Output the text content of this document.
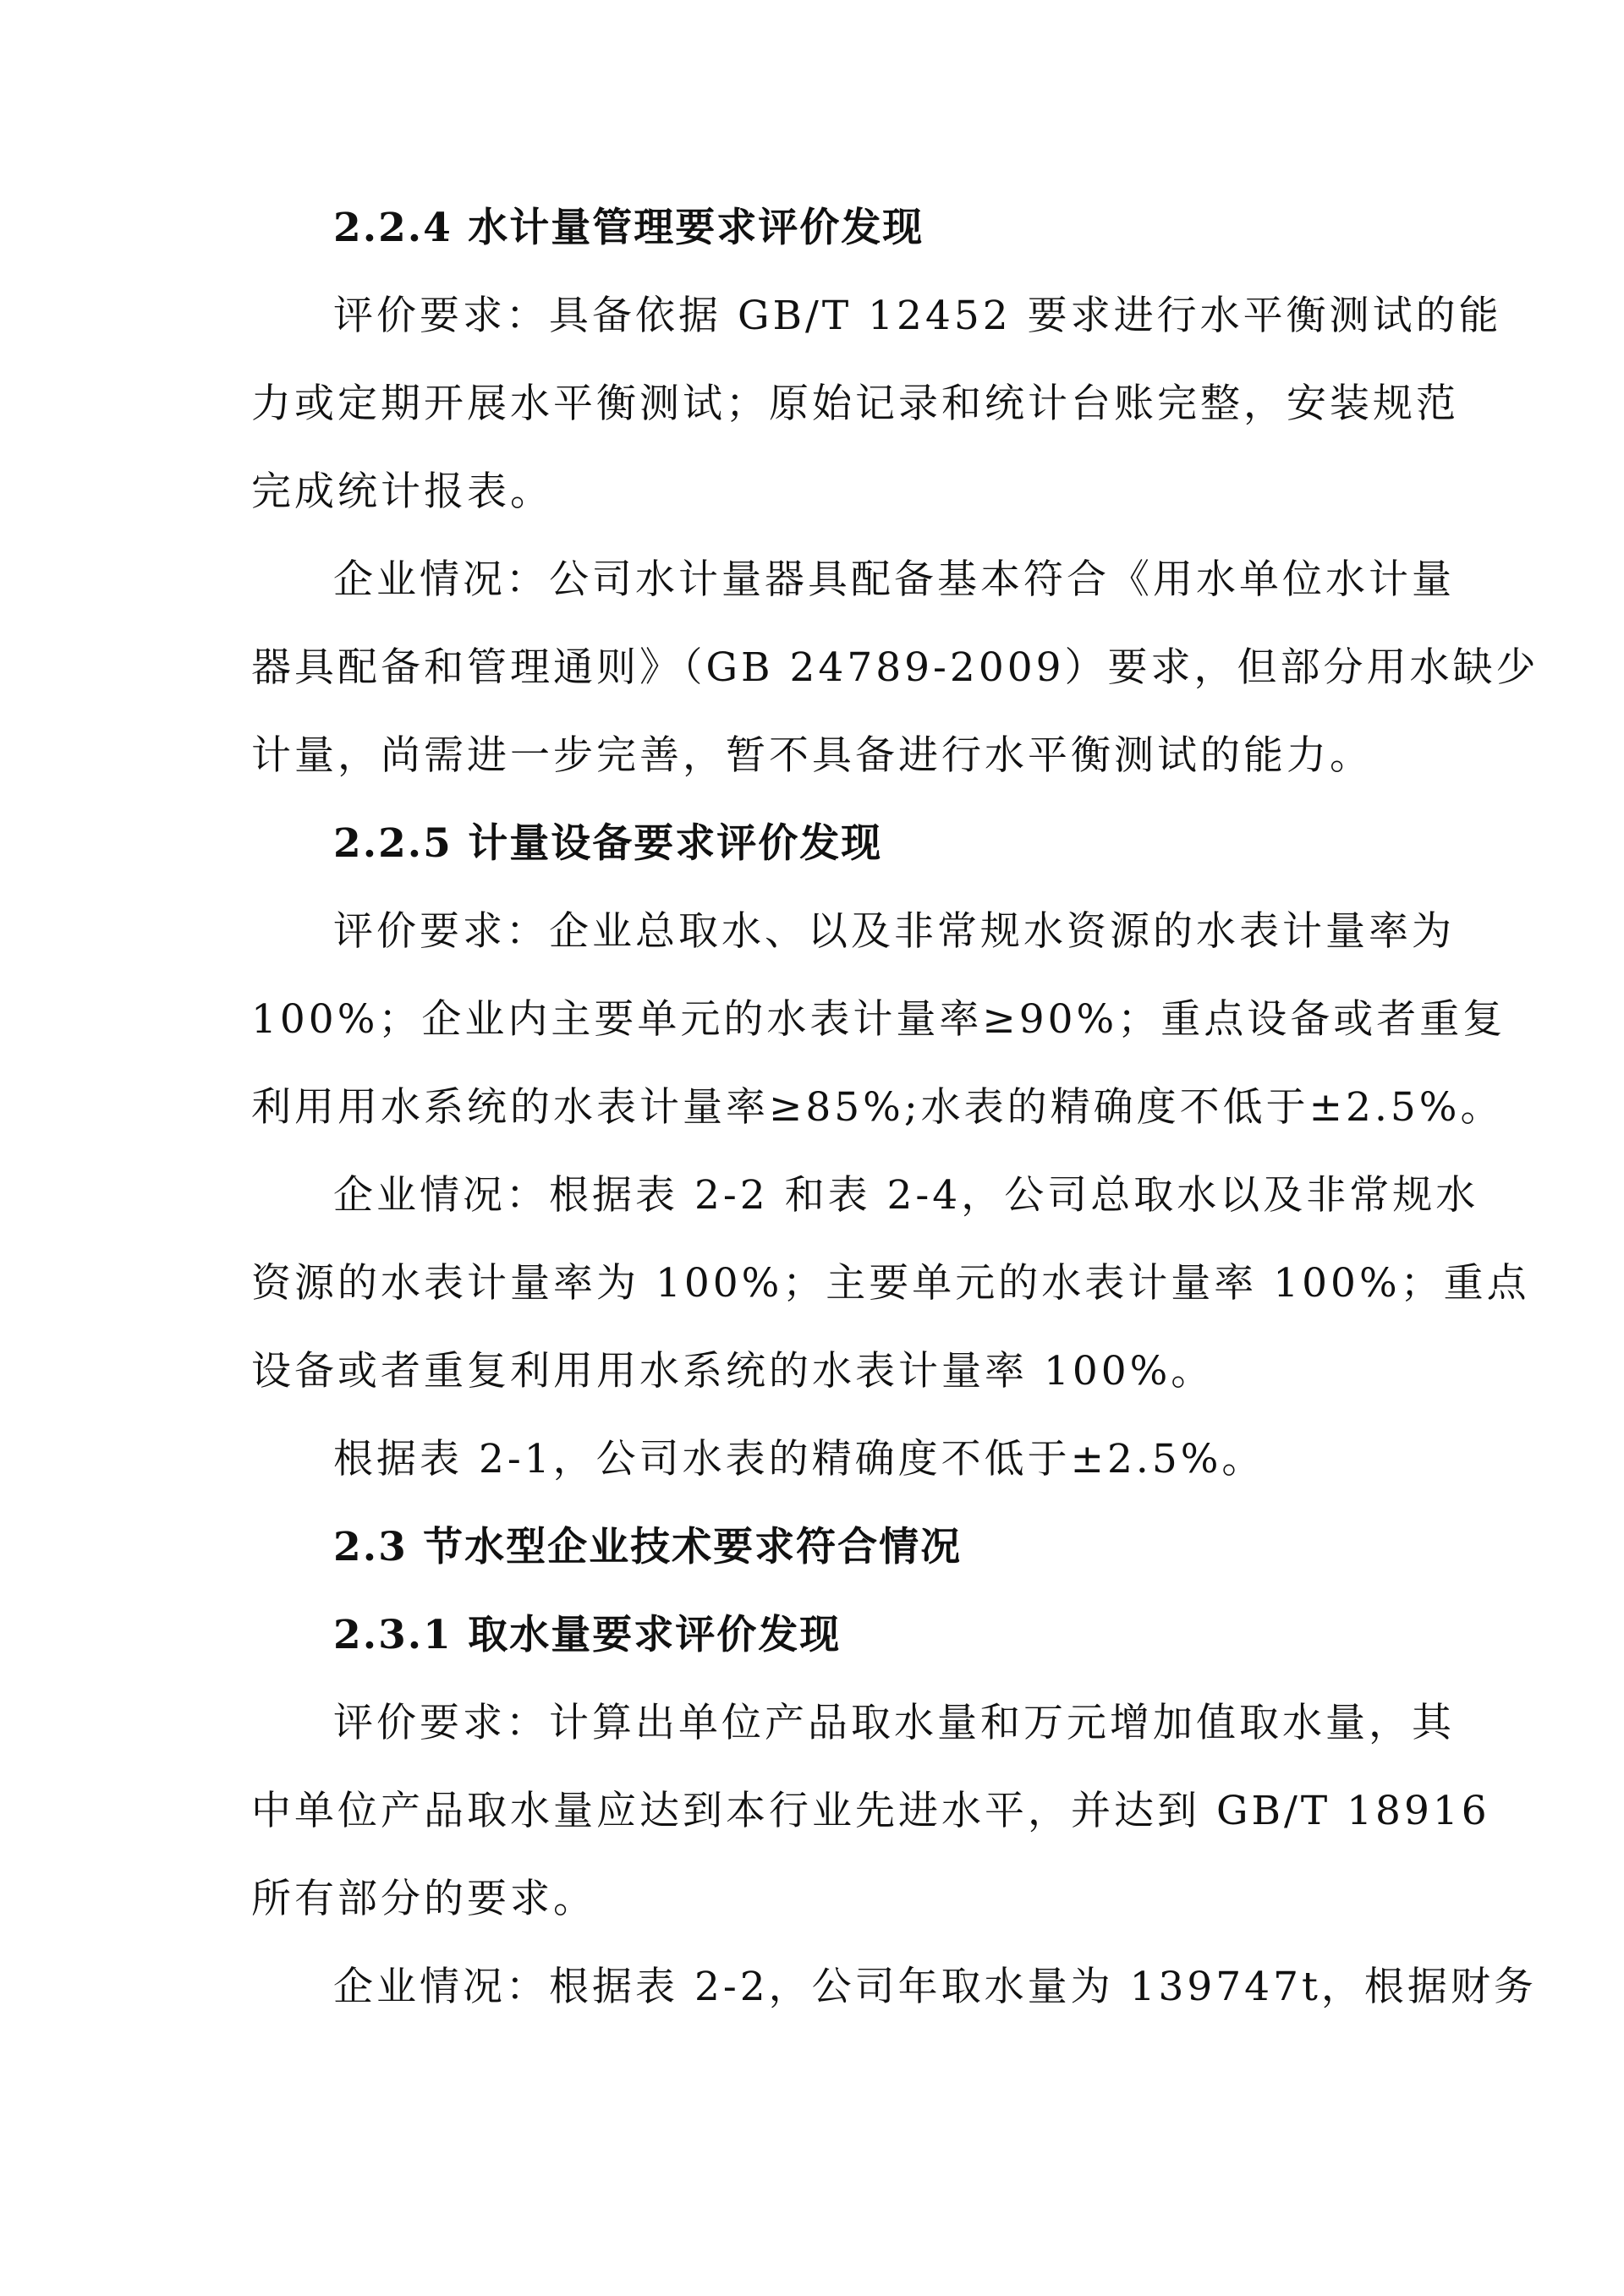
2.2.4 水计量管理要求评价发现
评价要求：具备依据 GB/T 12452 要求进行水平衡测试的能
力或定期开展水平衡测试；原始记录和统计台账完整，安装规范
完成统计报表。
企业情况：公司水计量器具配备基本符合《用水单位水计量
器具配备和管理通则》（GB 24789-2009）要求，但部分用水缺少
计量，尚需进一步完善，暂不具备进行水平衡测试的能力。
2.2.5 计量设备要求评价发现
评价要求：企业总取水、以及非常规水资源的水表计量率为
100%；企业内主要单元的水表计量率≥90%；重点设备或者重复
利用用水系统的水表计量率≥85%;水表的精确度不低于±2.5%。
企业情况：根据表 2-2 和表 2-4，公司总取水以及非常规水
资源的水表计量率为 100%；主要单元的水表计量率 100%；重点
设备或者重复利用用水系统的水表计量率 100%。
根据表 2-1，公司水表的精确度不低于±2.5%。
2.3 节水型企业技术要求符合情况
2.3.1 取水量要求评价发现
评价要求：计算出单位产品取水量和万元增加值取水量，其
中单位产品取水量应达到本行业先进水平，并达到 GB/T 18916
所有部分的要求。
企业情况：根据表 2-2，公司年取水量为 139747t，根据财务
